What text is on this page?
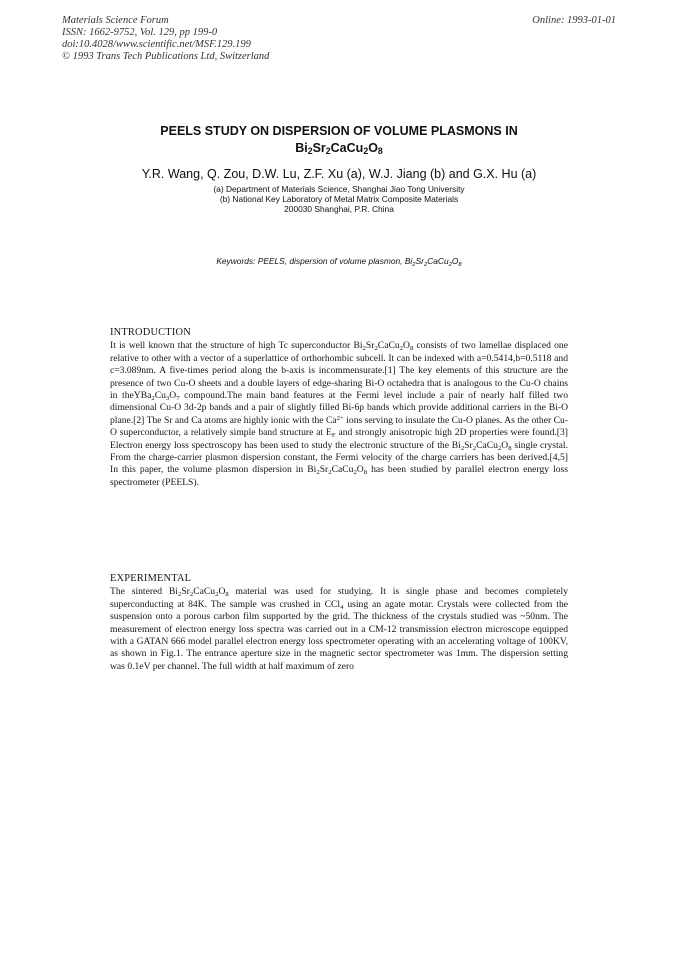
Materials Science Forum
ISSN: 1662-9752, Vol. 129, pp 199-0
doi:10.4028/www.scientific.net/MSF.129.199
© 1993 Trans Tech Publications Ltd, Switzerland
Online: 1993-01-01
PEELS STUDY ON DISPERSION OF VOLUME PLASMONS IN
$Bi_2Sr_2CaCu_2O_8$
Y.R. Wang, Q. Zou, D.W. Lu, Z.F. Xu (a), W.J. Jiang (b) and G.X. Hu (a)
(a) Department of Materials Science, Shanghai Jiao Tong University
(b) National Key Laboratory of Metal Matrix Composite Materials
200030 Shanghai, P.R. China
Keywords: PEELS, dispersion of volume plasmon, $Bi_2Sr_2CaCu_2O_8$
INTRODUCTION

It is well known that the structure of high Tc superconductor $Bi_2Sr_2CaCu_2O_8$ consists of two lamellae displaced one relative to other with a vector of a superlattice of orthorhombic subcell. It can be indexed with a=0.5414,b=0.5118 and c=3.089nm. A five-times period along the b-axis is incommensurate.[1] The key elements of this structure are the presence of two Cu-O sheets and a double layers of edge-sharing Bi-O octahedra that is analogous to the Cu-O chains in $theYBa_2Cu_3O_7$ compound.The main band features at the Fermi level include a pair of nearly half filled two dimensional Cu-O 3d-2p bands and a pair of slightly filled Bi-6p bands which provide additional carriers in the Bi-O plane.[2] The Sr and Ca atoms are highly ionic with the $Ca^{2+}$ ions serving to insulate the Cu-O planes. As the other Cu-O superconductor, a relatively simple band structure at $E_F$ and strongly anisotropic high 2D properties were found.[3] Electron energy loss spectroscopy has been used to study the electronic structure of the $Bi_2Sr_2CaCu_2O_8$ single crystal. From the charge-carrier plasmon dispersion constant, the Fermi velocity of the charge carriers has been derived.[4,5] In this paper, the volume plasmon dispersion in $Bi_2Sr_2CaCu_2O_8$ has been studied by parallel electron energy loss spectrometer (PEELS).

EXPERIMENTAL

The sintered $Bi_2Sr_2CaCu_2O_8$ material was used for studying. It is single phase and becomes completely superconducting at 84K. The sample was crushed in CCl$_4$ using an agate motar. Crystals were collected from the suspension onto a porous carbon film supported by the grid. The thickness of the crystals studied was ~50nm. The measurement of electron energy loss spectra was carried out in a CM-12 transmission electron microscope equipped with a GATAN 666 model parallel electron energy loss spectrometer operating with an accelerating voltage of 100KV, as shown in Fig.1. The entrance aperture size in the magnetic sector spectrometer was 1mm. The dispersion setting was 0.1eV per channel. The full width at half maximum of zero
